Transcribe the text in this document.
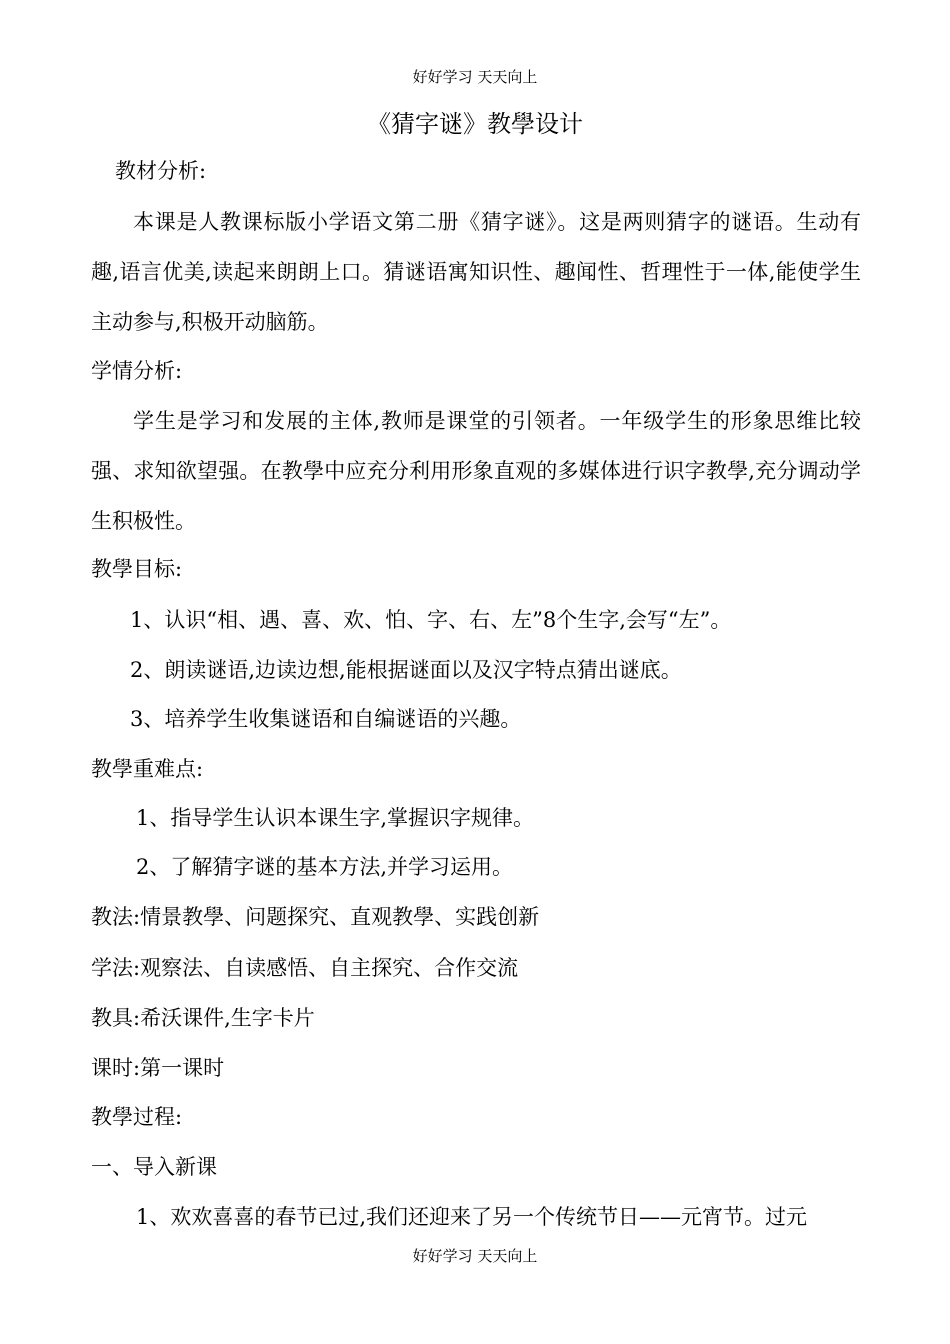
好好学习 天天向上
《猜字谜》教學设计
教材分析:
本课是人教课标版小学语文第二册《猜字谜》。这是两则猜字的谜语。生动有趣,语言优美,读起来朗朗上口。猜谜语寓知识性、趣闻性、哲理性于一体,能使学生主动参与,积极开动脑筋。
学情分析:
学生是学习和发展的主体,教师是课堂的引领者。一年级学生的形象思维比较强、求知欲望强。在教學中应充分利用形象直观的多媒体进行识字教學,充分调动学生积极性。
教學目标:
1、认识“相、遇、喜、欢、怕、字、右、左”8个生字,会写“左”。
2、朗读谜语,边读边想,能根据谜面以及汉字特点猜出谜底。
3、培养学生收集谜语和自编谜语的兴趣。
教學重难点:
1、指导学生认识本课生字,掌握识字规律。
2、了解猜字谜的基本方法,并学习运用。
教法:情景教學、问题探究、直观教學、实践创新
学法:观察法、自读感悟、自主探究、合作交流
教具:希沃课件,生字卡片
课时:第一课时
教學过程:
一、导入新课
1、欢欢喜喜的春节已过,我们还迎来了另一个传统节日——元宵节。过元
好好学习 天天向上
